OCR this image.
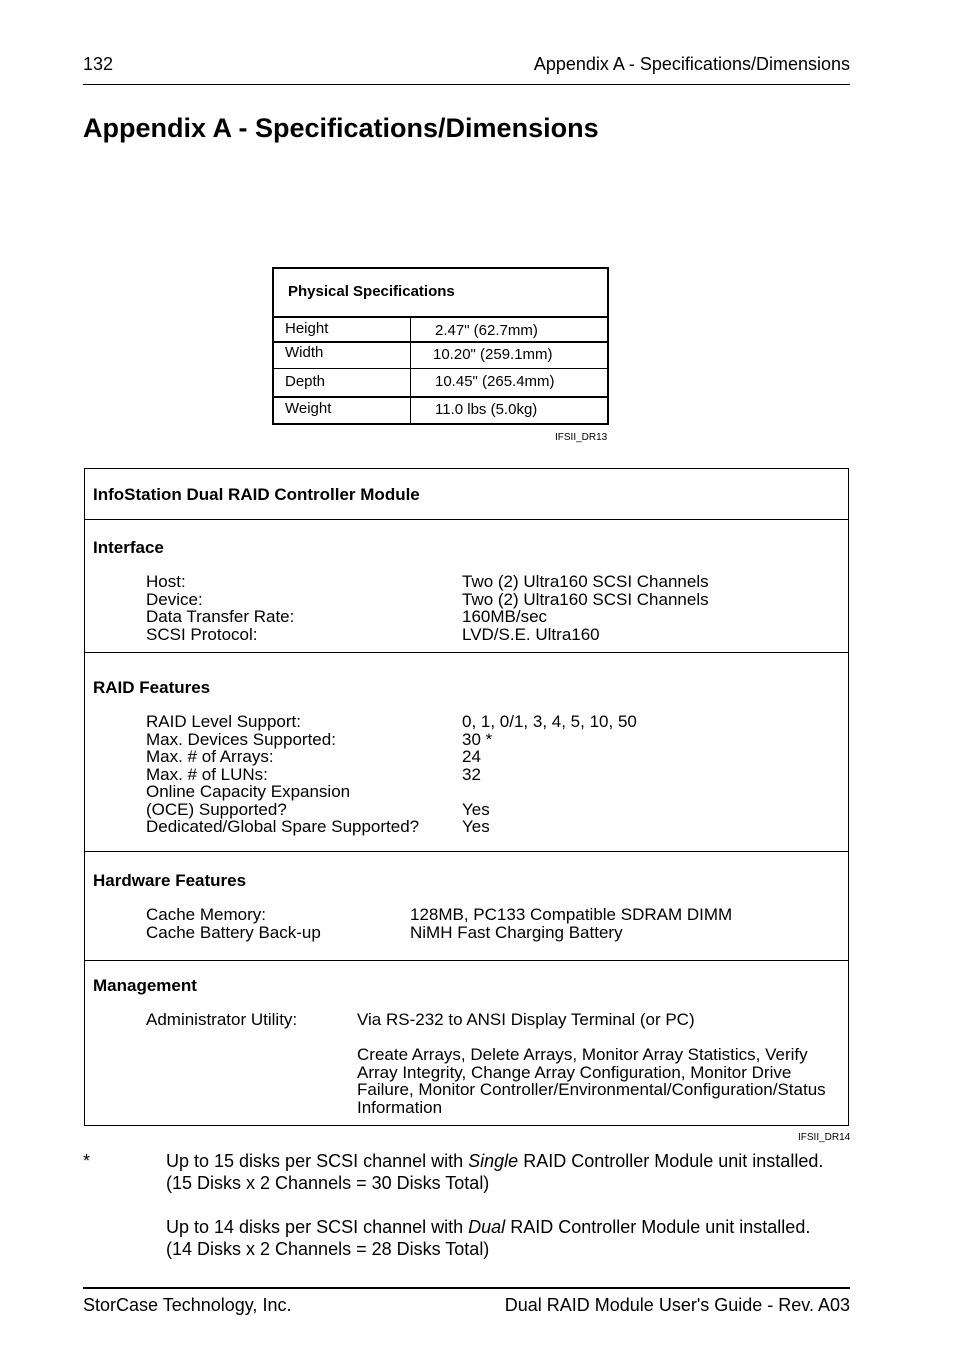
132	Appendix A - Specifications/Dimensions
Appendix A - Specifications/Dimensions
Physical Specifications
Height	2.47" (62.7mm)
Width	10.20" (259.1mm)
Depth	10.45" (265.4mm)
Weight	11.0 lbs (5.0kg)
IFSII_DR13
InfoStation Dual RAID Controller Module
Interface
Host:	Two (2) Ultra160 SCSI Channels
Device:	Two (2) Ultra160 SCSI Channels
Data Transfer Rate:	160MB/sec
SCSI Protocol:	LVD/S.E. Ultra160
RAID Features
RAID Level Support:	0, 1, 0/1, 3, 4, 5, 10, 50
Max. Devices Supported:	30 *
Max. # of Arrays:	24
Max. # of LUNs:	32
Online Capacity Expansion
(OCE) Supported?	Yes
Dedicated/Global Spare Supported?	Yes
Hardware Features
Cache Memory:	128MB, PC133 Compatible SDRAM DIMM
Cache Battery Back-up	NiMH Fast Charging Battery
Management
Administrator Utility:	Via RS-232 to ANSI Display Terminal (or PC)
Create Arrays, Delete Arrays, Monitor Array Statistics, Verify Array Integrity, Change Array Configuration, Monitor Drive Failure, Monitor Controller/Environmental/Configuration/Status Information
IFSII_DR14
*	Up to 15 disks per SCSI channel with Single RAID Controller Module unit installed.
(15 Disks x 2 Channels = 30 Disks Total)
Up to 14 disks per SCSI channel with Dual RAID Controller Module unit installed.
(14 Disks x 2 Channels = 28 Disks Total)
StorCase Technology, Inc.	Dual RAID Module User's Guide - Rev. A03
